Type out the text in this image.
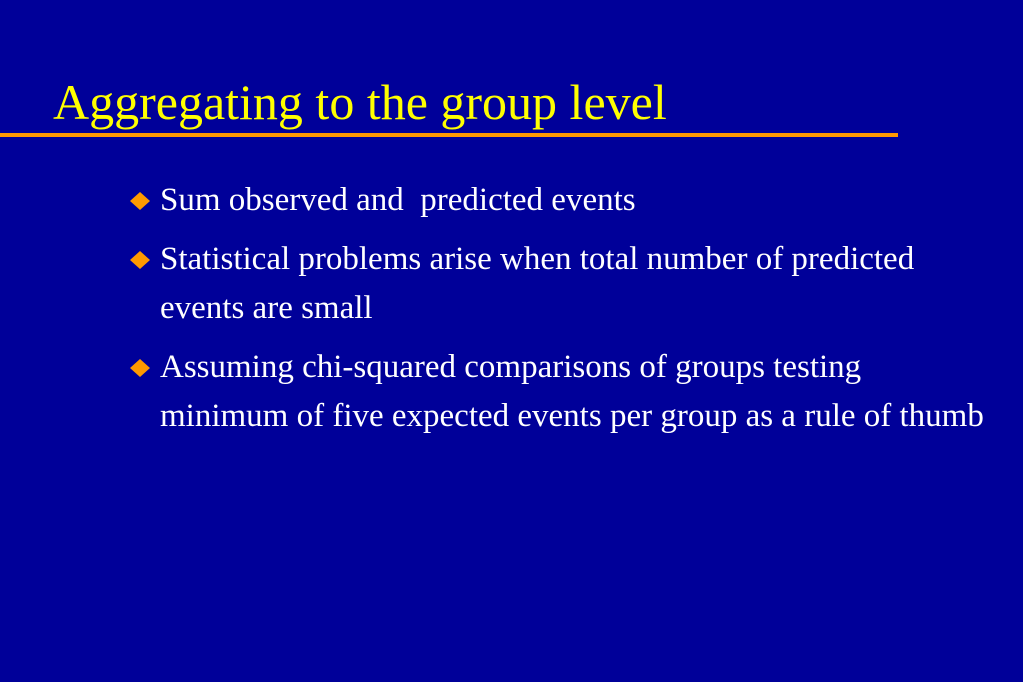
Aggregating to the group level
Sum observed and  predicted events
Statistical problems arise when total number of predicted events are small
Assuming chi-squared comparisons of groups testing minimum of five expected events per group as a rule of thumb
